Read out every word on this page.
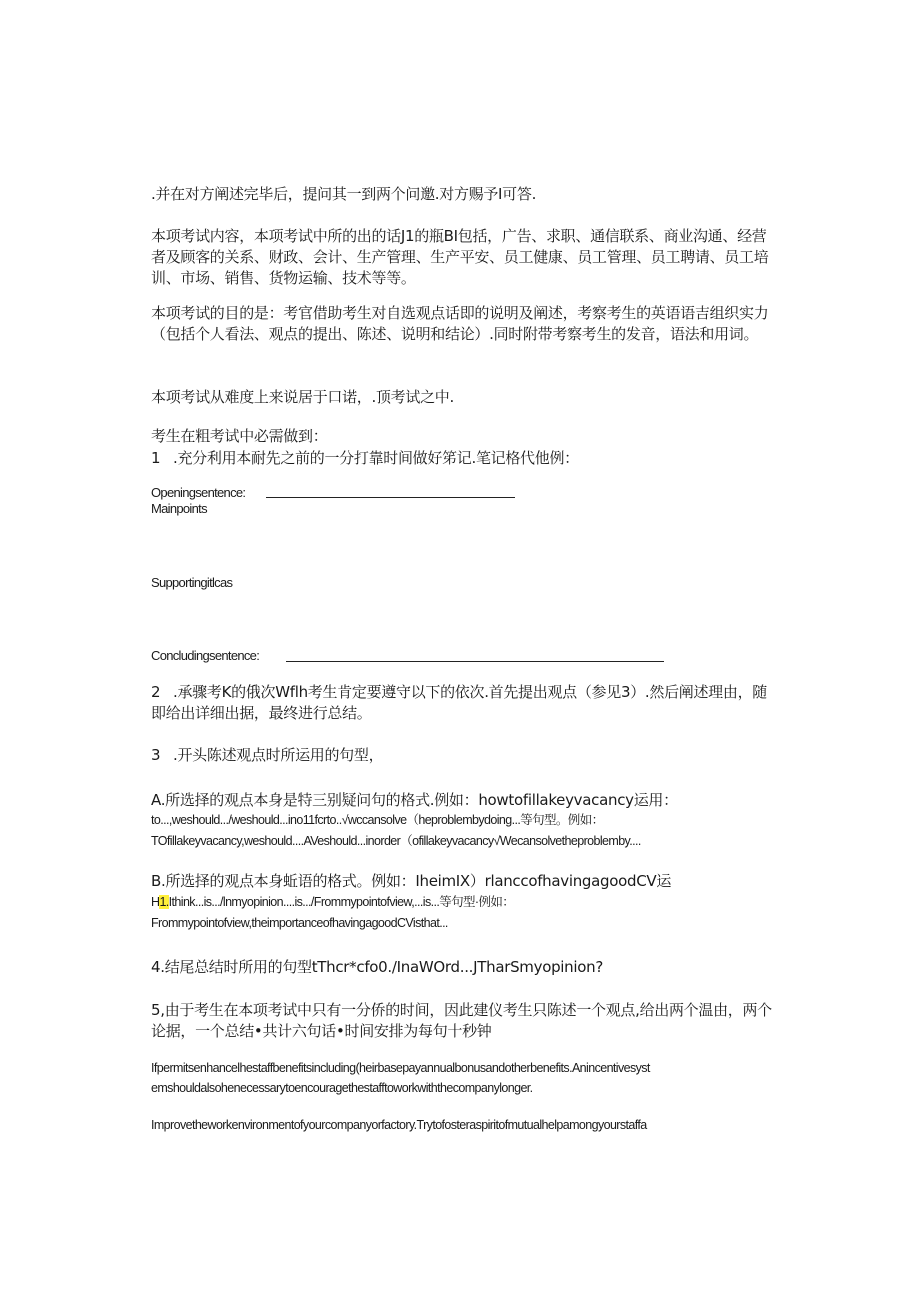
.并在对方阐述完毕后，提问其一到两个问邀.对方赐予I可答.
本项考试内容，本项考试中所的出的话J1的瓶BI包括，广告、求职、通信联系、商业沟通、经营者及顾客的关系、财政、会计、生产管理、生产平安、员工健康、员工管理、员工聘请、员工培训、市场、销售、货物运输、技术等等。
本项考试的目的是：考官借助考生对自选观点话即的说明及阐述，考察考生的英语语吉组织实力（包括个人看法、观点的提出、陈述、说明和结论）.同时附带考察考生的发音，语法和用词。
本项考试从难度上来说居于口诺，.顶考试之中.
考生在粗考试中必需做到：
1 .充分利用本耐先之前的一分打靠时间做好笫记.笔记格代他例：
Openingsentence:
Mainpoints
Supportingitlcas
Concludingsentence:
2 .承骤考K的俄次Wflh考生肯定要遵守以下的依次.首先提出观点（参见3）.然后阐述理由，随即给出详细出据，最终进行总结。
3 .开头陈述观点时所运用的句型，
A.所选择的观点本身是特三别疑问句的格式.例如：howtofillakeyvacancy运用：
to...,weshould.../weshould...ino11fcrto..√wccansolve（heproblembydoing...等句型。例如：
TOfillakeyvacancy,weshould....AVeshould...inorder（ofillakeyvacancy√Wecansolvetheproblemby....
B.所选择的观点本身蚯语的格式。例如：IheimIX）rlanccofhavingagoodCV运
H1.Ithink...is.../lnmyopinion....is.../Frommypointofview,...is...等句型·例如：
Frommypointofview,theimportanceofhavingagoodCVisthat...
4.结尾总结时所用的句型tThcr*cfo0./InaWOrd...JTharSmyopinion?
5,由于考生在本项考试中只有一分侨的时间，因此建仪考生只陈述一个观点,给出两个温由，两个论据，一个总结•共计六句话•时间安排为每句十秒钟
Ifpermitsenhancelhestaffbenefitsincluding(heirbasepayannualbonusandotherbenefits.Anincentivesyst
emshouldalsohenecessarytoencouragethestafftoworkwiththecompanylonger.
Improvetheworkenvironmentofyourcompanyorfactory.Trytofosteraspiritofmutualhelpamongyourstaffa
